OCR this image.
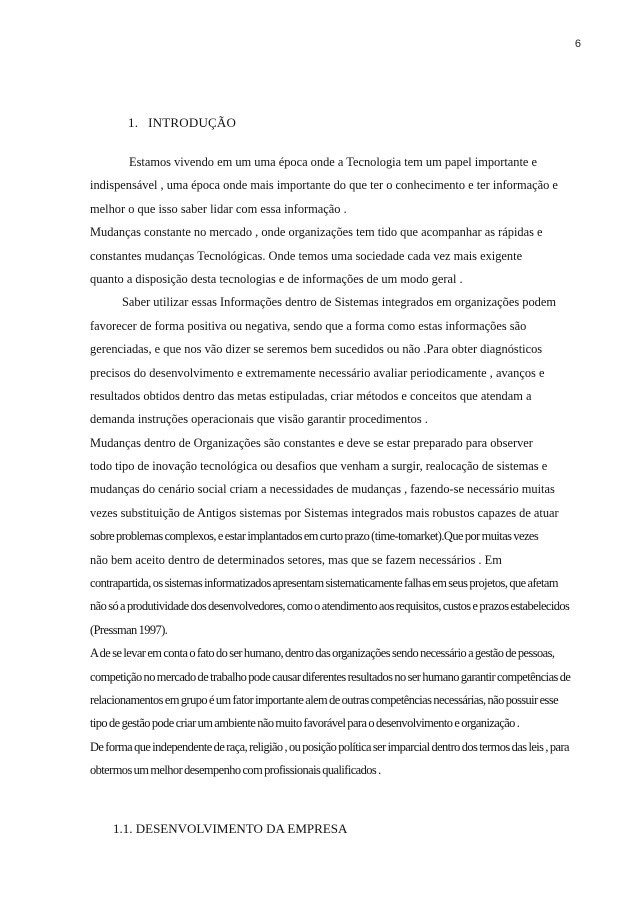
6
1. INTRODUÇÃO
Estamos vivendo em um uma época onde a Tecnologia tem um papel importante e
indispensável , uma época onde mais importante do que ter o conhecimento e ter informação e
melhor o que isso saber lidar com essa informação .
Mudanças constante no mercado , onde organizações tem tido que acompanhar as rápidas e
constantes mudanças Tecnológicas. Onde temos uma sociedade cada vez mais exigente
quanto a disposição desta tecnologias e de informações de um modo geral .
Saber utilizar essas Informações dentro de Sistemas integrados em organizações podem
favorecer de forma positiva ou negativa, sendo que a forma como estas informações são
gerenciadas, e que nos vão dizer se seremos bem sucedidos ou não .Para obter diagnósticos
precisos do desenvolvimento e extremamente necessário avaliar periodicamente , avanços e
resultados obtidos dentro das metas estipuladas, criar métodos e conceitos que atendam a
demanda instruções operacionais que visão garantir procedimentos .
Mudanças dentro de Organizações são constantes e deve se estar preparado para observer
todo tipo de inovação tecnológica ou desafios que venham a surgir, realocação de sistemas e
mudanças do cenário social criam a necessidades de mudanças , fazendo-se necessário muitas
vezes substituição de Antigos sistemas por Sistemas integrados mais robustos capazes de atuar
sobre problemas complexos, e estar implantados em curto prazo (time-tomarket).Que por muitas vezes
não bem aceito dentro de determinados setores, mas que se fazem necessários . Em
contrapartida, os sistemas informatizados apresentam sistematicamente falhas em seus projetos, que afetam
não só a produtividade dos desenvolvedores, como o atendimento aos requisitos, custos e prazos estabelecidos
(Pressman 1997).
A de se levar em conta o fato do ser humano, dentro das organizações sendo necessário a gestão de pessoas,
competição no mercado de trabalho pode causar diferentes resultados no ser humano garantir competências de
relacionamentos em grupo é um fator importante alem de outras competências necessárias, não possuir esse
tipo de gestão pode criar um ambiente não muito favorável para o desenvolvimento e organização .
De forma que independente de raça, religião , ou posição política ser imparcial dentro dos termos das leis , para
obtermos um melhor desempenho com profissionais qualificados .
1.1. DESENVOLVIMENTO DA EMPRESA
